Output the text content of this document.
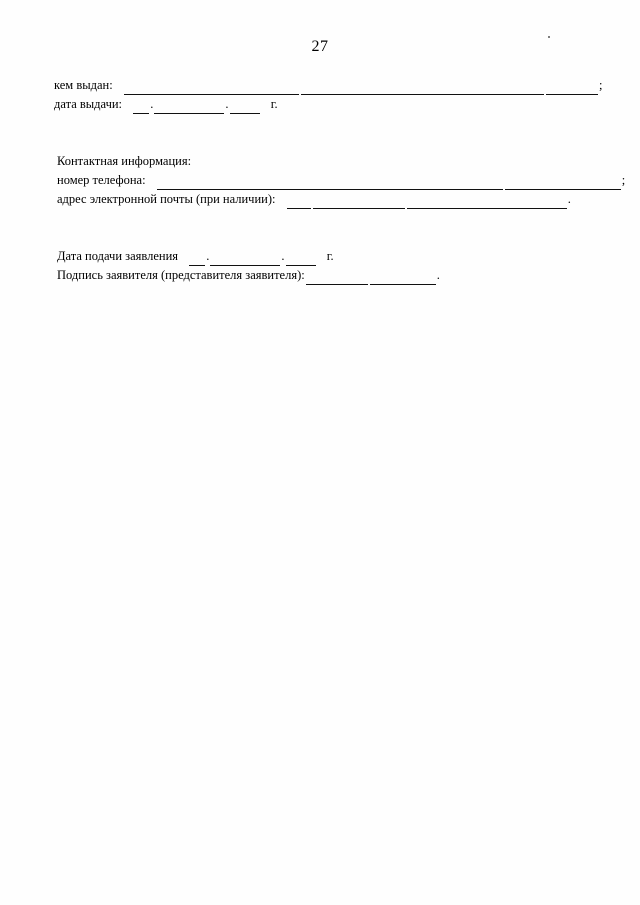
27
кем выдан:	;
дата выдачи: .	.	г.
Контактная информация:
номер телефона:	;
адрес электронной почты (при наличии):	.
Дата подачи заявления .	.	г.
Подпись заявителя (представителя заявителя):	.
